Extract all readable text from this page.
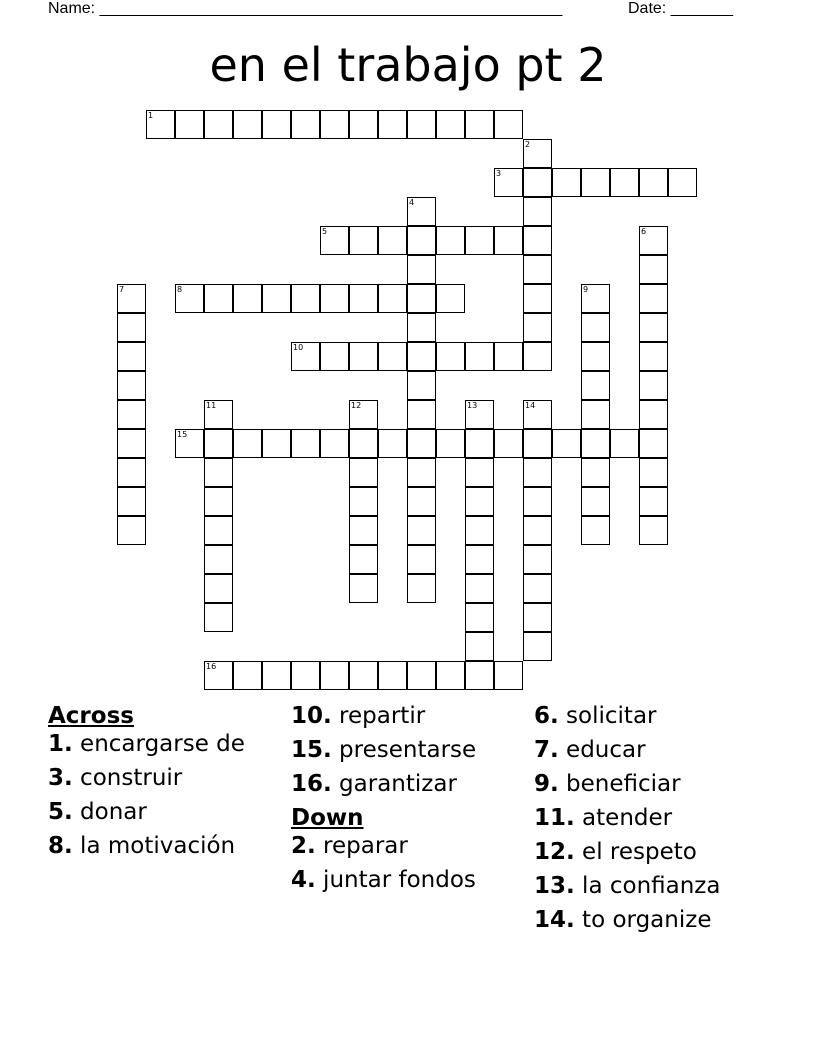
Name: ____________________________________________________	Date: _______
en el trabajo pt 2
1
2
3
4
5	6
7	8	9
10
11	12	13	14
15
16
Across
1. encargarse de
3. construir
5. donar
8. la motivación
10. repartir
15. presentarse
16. garantizar
Down
2. reparar
4. juntar fondos
6. solicitar
7. educar
9. beneficiar
11. atender
12. el respeto
13. la confianza
14. to organize
